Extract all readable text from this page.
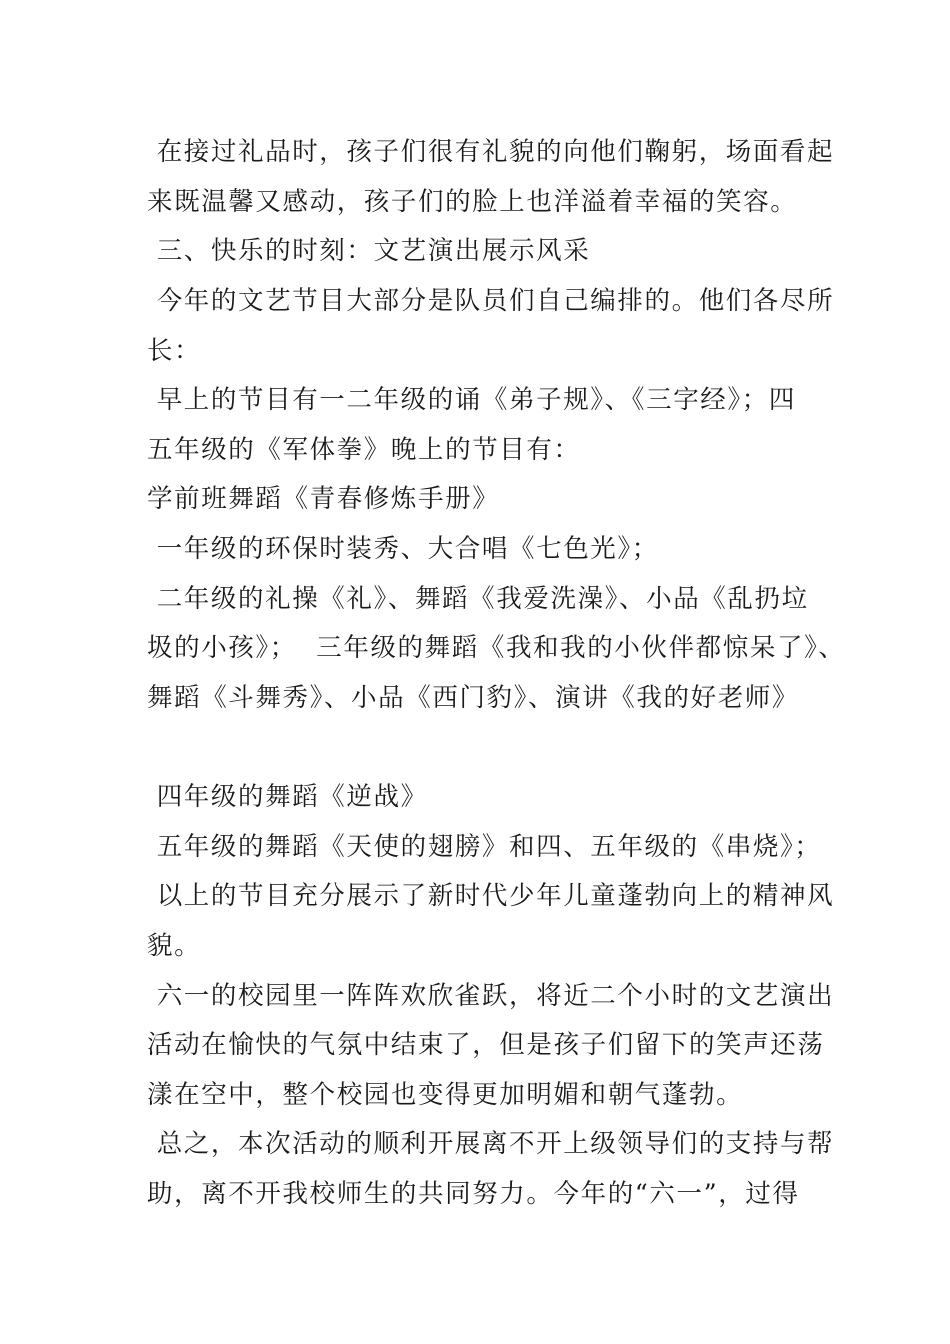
在接过礼品时，孩子们很有礼貌的向他们鞠躬，场面看起
来既温馨又感动，孩子们的脸上也洋溢着幸福的笑容。
三、快乐的时刻：文艺演出展示风采
今年的文艺节目大部分是队员们自己编排的。他们各尽所
长：
早上的节目有一二年级的诵《弟子规》、《三字经》；四
五年级的《军体拳》晚上的节目有：
学前班舞蹈《青春修炼手册》
一年级的环保时装秀、大合唱《七色光》；
二年级的礼操《礼》、舞蹈《我爱洗澡》、小品《乱扔垃
圾的小孩》；  三年级的舞蹈《我和我的小伙伴都惊呆了》、
舞蹈《斗舞秀》、小品《西门豹》、演讲《我的好老师》
四年级的舞蹈《逆战》
五年级的舞蹈《天使的翅膀》和四、五年级的《串烧》；
以上的节目充分展示了新时代少年儿童蓬勃向上的精神风
貌。
六一的校园里一阵阵欢欣雀跃，将近二个小时的文艺演出
活动在愉快的气氛中结束了，但是孩子们留下的笑声还荡
漾在空中，整个校园也变得更加明媚和朝气蓬勃。
总之，本次活动的顺利开展离不开上级领导们的支持与帮
助，离不开我校师生的共同努力。今年的“六一”，过得
